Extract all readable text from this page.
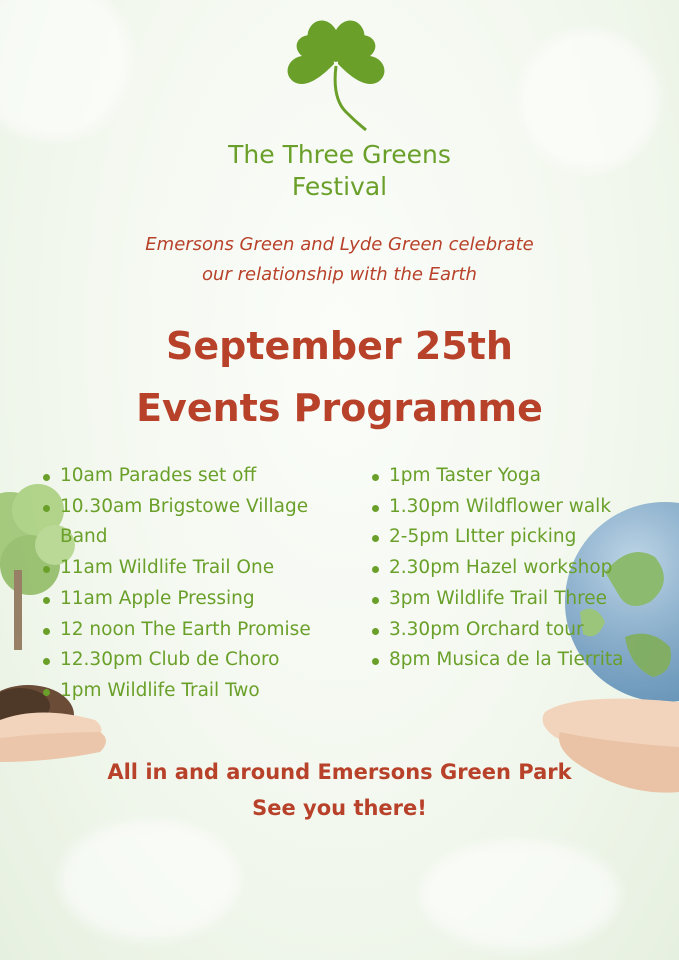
The Three Greens
Festival
Emersons Green and Lyde Green celebrate
our relationship with the Earth
September 25th
Events Programme
10am Parades set off
10.30am Brigstowe Village
Band
11am Wildlife Trail One
11am Apple Pressing
12 noon The Earth Promise
12.30pm Club de Choro
1pm Wildlife Trail Two
1pm Taster Yoga
1.30pm Wildflower walk
2-5pm LItter picking
2.30pm Hazel workshop
3pm Wildlife Trail Three
3.30pm Orchard tour
8pm Musica de la Tierrita
All in and around Emersons Green Park
See you there!
